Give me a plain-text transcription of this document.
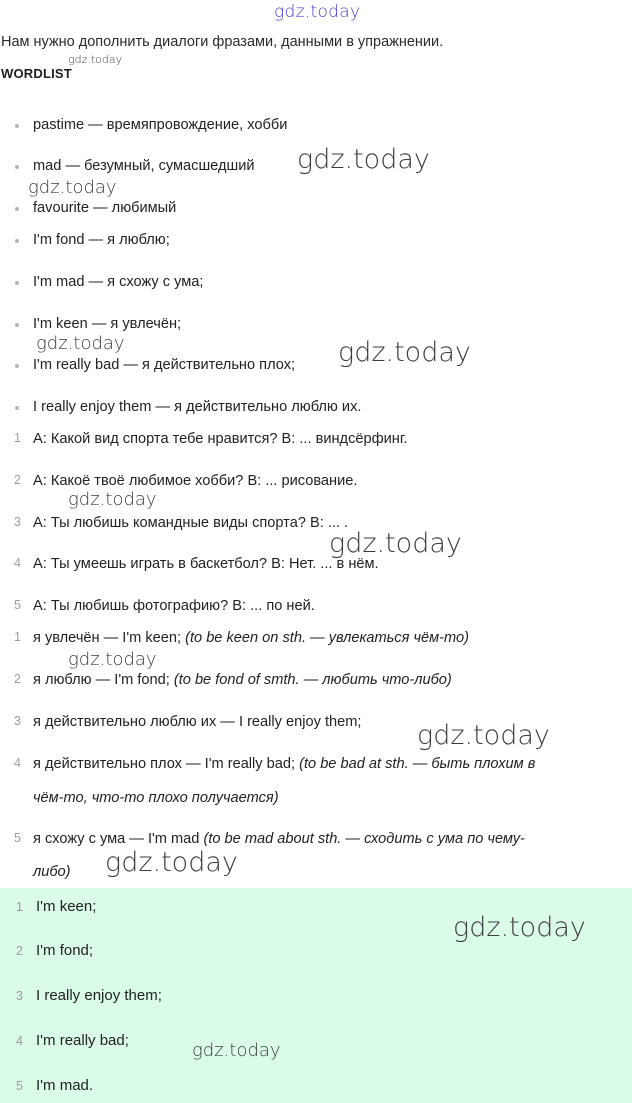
gdz.today
Нам нужно дополнить диалоги фразами, данными в упражнении.
WORDLIST
pastime — времяпровождение, хобби
mad — безумный, сумасшедший
favourite — любимый
I'm fond — я люблю;
I'm mad — я схожу с ума;
I'm keen — я увлечён;
I'm really bad — я действительно плох;
I really enjoy them — я действительно люблю их.
1 A: Какой вид спорта тебе нравится? B: ... виндсёрфинг.
2 A: Какоё твоё любимое хобби? B: ... рисование.
3 A: Ты любишь командные виды спорта? B: ... .
4 A: Ты умеешь играть в баскетбол? B: Нет. ... в нём.
5 A: Ты любишь фотографию? B: ... по ней.
1 я увлечён — I'm keen; (to be keen on sth. — увлекаться чём-то)
2 я люблю — I'm fond; (to be fond of smth. — любить что-либо)
3 я действительно люблю их — I really enjoy them;
4 я действительно плох — I'm really bad; (to be bad at sth. — быть плохим в
чём-то, что-то плохо получается)
5 я схожу с ума — I'm mad (to be mad about sth. — сходить с ума по чему-
либо)
1 I'm keen;
2 I'm fond;
3 I really enjoy them;
4 I'm really bad;
5 I'm mad.
gdz.today
gdz.today
gdz.today
gdz.today	gdz.today
gdz.today
gdz.today
gdz.today
gdz.today
gdz.today
gdz.today
gdz.today
